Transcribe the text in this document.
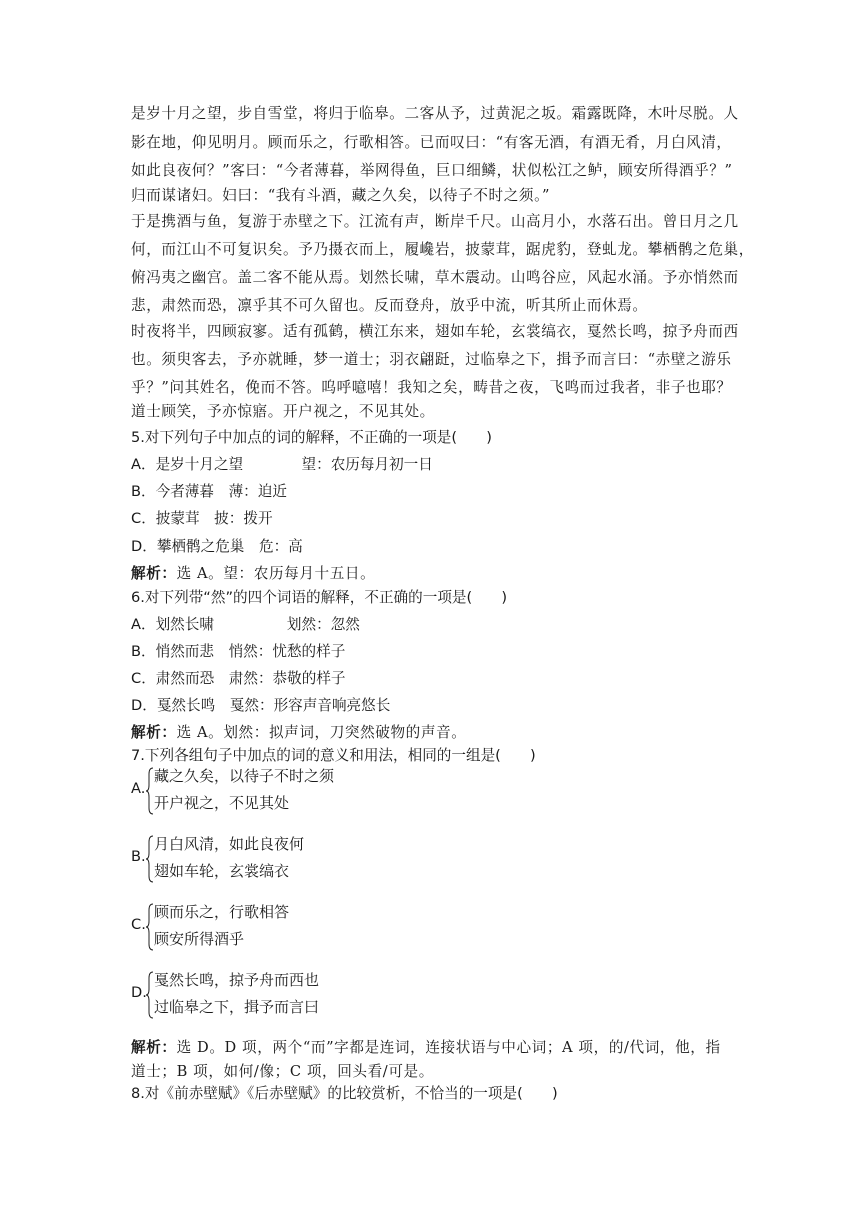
是岁十月之望，步自雪堂，将归于临皋。二客从予，过黄泥之坂。霜露既降，木叶尽脱。人
影在地，仰见明月。顾而乐之，行歌相答。已而叹曰：“有客无酒，有酒无肴，月白风清，
如此良夜何？”客曰：“今者薄暮，举网得鱼，巨口细鳞，状似松江之鲈，顾安所得酒乎？”
归而谋诸妇。妇曰：“我有斗酒，藏之久矣，以待子不时之须。”
于是携酒与鱼，复游于赤壁之下。江流有声，断岸千尺。山高月小，水落石出。曾日月之几
何，而江山不可复识矣。予乃摄衣而上，履巉岩，披蒙茸，踞虎豹，登虬龙。攀栖鹘之危巢，
俯冯夷之幽宫。盖二客不能从焉。划然长啸，草木震动。山鸣谷应，风起水涌。予亦悄然而
悲，肃然而恐，凛乎其不可久留也。反而登舟，放乎中流，听其所止而休焉。
时夜将半，四顾寂寥。适有孤鹤，横江东来，翅如车轮，玄裳缟衣，戛然长鸣，掠予舟而西
也。须臾客去，予亦就睡，梦一道士；羽衣翩跹，过临皋之下，揖予而言曰：“赤壁之游乐
乎？”问其姓名，俛而不答。呜呼噫嘻！我知之矣，畴昔之夜，飞鸣而过我者，非子也耶？
道士顾笑，予亦惊寤。开户视之，不见其处。
5.对下列句子中加点的词的解释，不正确的一项是(　　)
A．是岁十月之望　　　　望：农历每月初一日
B．今者薄暮　薄：迫近
C．披蒙茸　披：拨开
D．攀栖鹘之危巢　危：高
解析：选 A。望：农历每月十五日。
6.对下列带“然”的四个词语的解释，不正确的一项是(　　)
A．划然长啸　　　　　划然：忽然
B．悄然而悲　悄然：忧愁的样子
C．肃然而恐　肃然：恭敬的样子
D．戛然长鸣　戛然：形容声音响亮悠长
解析：选 A。划然：拟声词，刀突然破物的声音。
7.下列各组句子中加点的词的意义和用法，相同的一组是(　　)
A.
藏之久矣，以待子不时之须
开户视之，不见其处
B.
月白风清，如此良夜何
翅如车轮，玄裳缟衣
C.
顾而乐之，行歌相答
顾安所得酒乎
D.
戛然长鸣，掠予舟而西也
过临皋之下，揖予而言曰
解析：选 D。D 项，两个“而”字都是连词，连接状语与中心词；A 项，的/代词，他，指
道士；B 项，如何/像；C 项，回头看/可是。
8.对《前赤壁赋》《后赤壁赋》的比较赏析，不恰当的一项是(　　)
